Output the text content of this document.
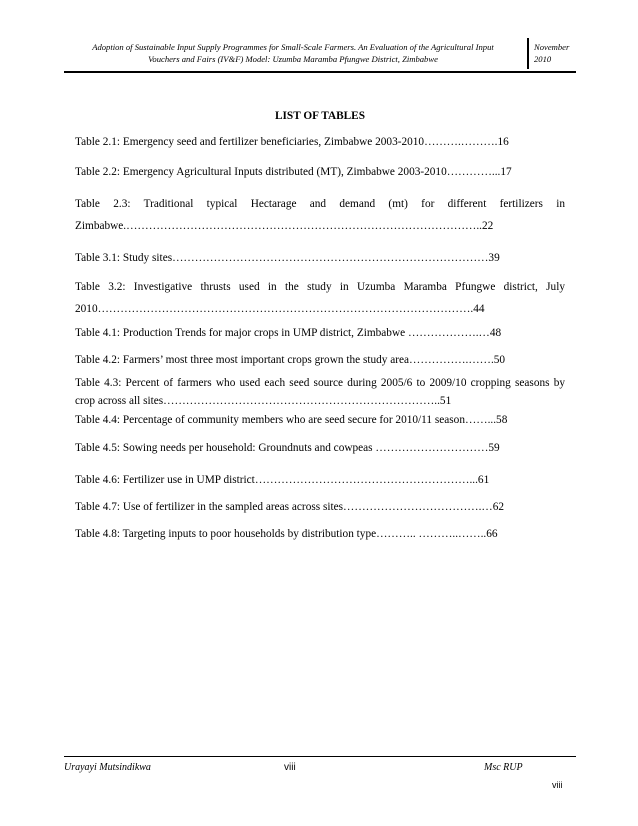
Adoption of Sustainable Input Supply Programmes for Small-Scale Farmers. An Evaluation of the Agricultural Input
Vouchers and Fairs (IV&F) Model: Uzumba Maramba Pfungwe District, Zimbabwe
November
2010
LIST OF TABLES
Table 2.1: Emergency seed and fertilizer beneficiaries, Zimbabwe 2003-2010……….……….16
Table 2.2: Emergency Agricultural Inputs distributed (MT), Zimbabwe 2003-2010…………...17
Table 2.3: Traditional typical Hectarage and demand (mt) for different fertilizers in Zimbabwe.…………………………………………………………………………………..22
Table 3.1: Study sites…………………………………………………………………………39
Table 3.2: Investigative thrusts used in the study in Uzumba Maramba Pfungwe district, July 2010……………………………………………………………………………………….44
Table 4.1: Production Trends for major crops in UMP district, Zimbabwe ……………….…48
Table 4.2: Farmers’ most three most important crops grown the study area…………….…….50
Table 4.3: Percent of farmers who used each seed source during 2005/6 to 2009/10 cropping seasons by crop across all sites………………………………………………………………..51
Table 4.4: Percentage of community members who are seed secure for 2010/11 season……...58
Table 4.5: Sowing needs per household: Groundnuts and cowpeas …………………………59
Table 4.6: Fertilizer use in UMP district…………………………………………………...61
Table 4.7: Use of fertilizer in the sampled areas across sites……………………………….…62
Table 4.8: Targeting inputs to poor households by distribution type……….. ………..……..66
Urayayi Mutsindikwa	viii	Msc RUP
viii
